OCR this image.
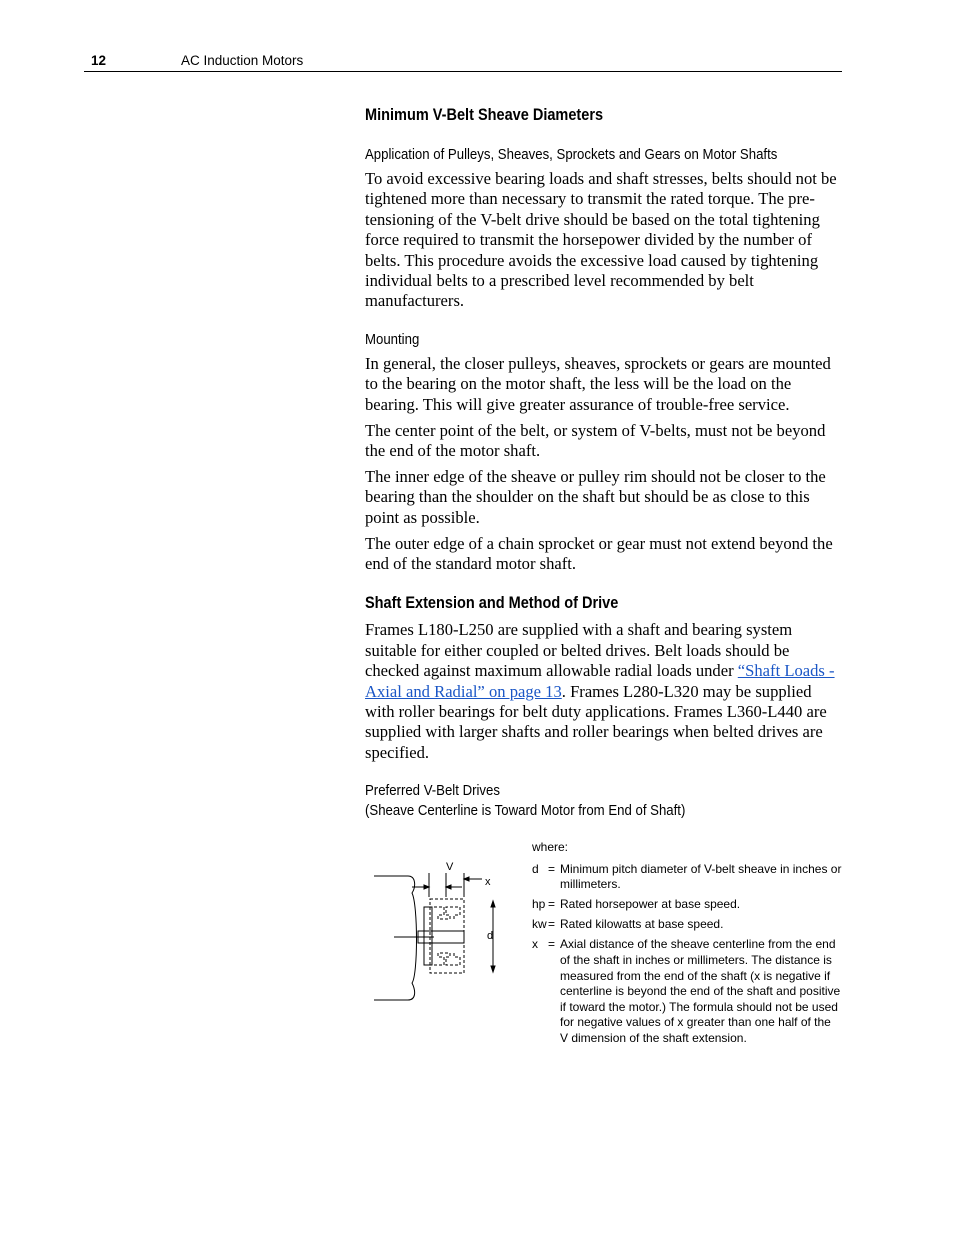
12	AC Induction Motors
Minimum V-Belt Sheave Diameters
Application of Pulleys, Sheaves, Sprockets and Gears on Motor Shafts

To avoid excessive bearing loads and shaft stresses, belts should not be tightened more than necessary to transmit the rated torque. The pre-tensioning of the V-belt drive should be based on the total tightening force required to transmit the horsepower divided by the number of belts. This procedure avoids the excessive load caused by tightening individual belts to a prescribed level recommended by belt manufacturers.

Mounting

In general, the closer pulleys, sheaves, sprockets or gears are mounted to the bearing on the motor shaft, the less will be the load on the bearing. This will give greater assurance of trouble-free service.

The center point of the belt, or system of V-belts, must not be beyond the end of the motor shaft.

The inner edge of the sheave or pulley rim should not be closer to the bearing than the shoulder on the shaft but should be as close to this point as possible.

The outer edge of a chain sprocket or gear must not extend beyond the end of the standard motor shaft.

Shaft Extension and Method of Drive

Frames L180-L250 are supplied with a shaft and bearing system suitable for either coupled or belted drives. Belt loads should be checked against maximum allowable radial loads under “Shaft Loads - Axial and Radial” on page 13. Frames L280-L320 may be supplied with roller bearings for belt duty applications. Frames L360-L440 are supplied with larger shafts and roller bearings when belted drives are specified.

Preferred V-Belt Drives
(Sheave Centerline is Toward Motor from End of Shaft)
V
x
d
where:
d = Minimum pitch diameter of V-belt sheave in inches or millimeters.
hp = Rated horsepower at base speed.
kw = Rated kilowatts at base speed.
x = Axial distance of the sheave centerline from the end of the shaft in inches or millimeters. The distance is measured from the end of the shaft (x is negative if centerline is beyond the end of the shaft and positive if toward the motor.) The formula should not be used for negative values of x greater than one half of the V dimension of the shaft extension.
